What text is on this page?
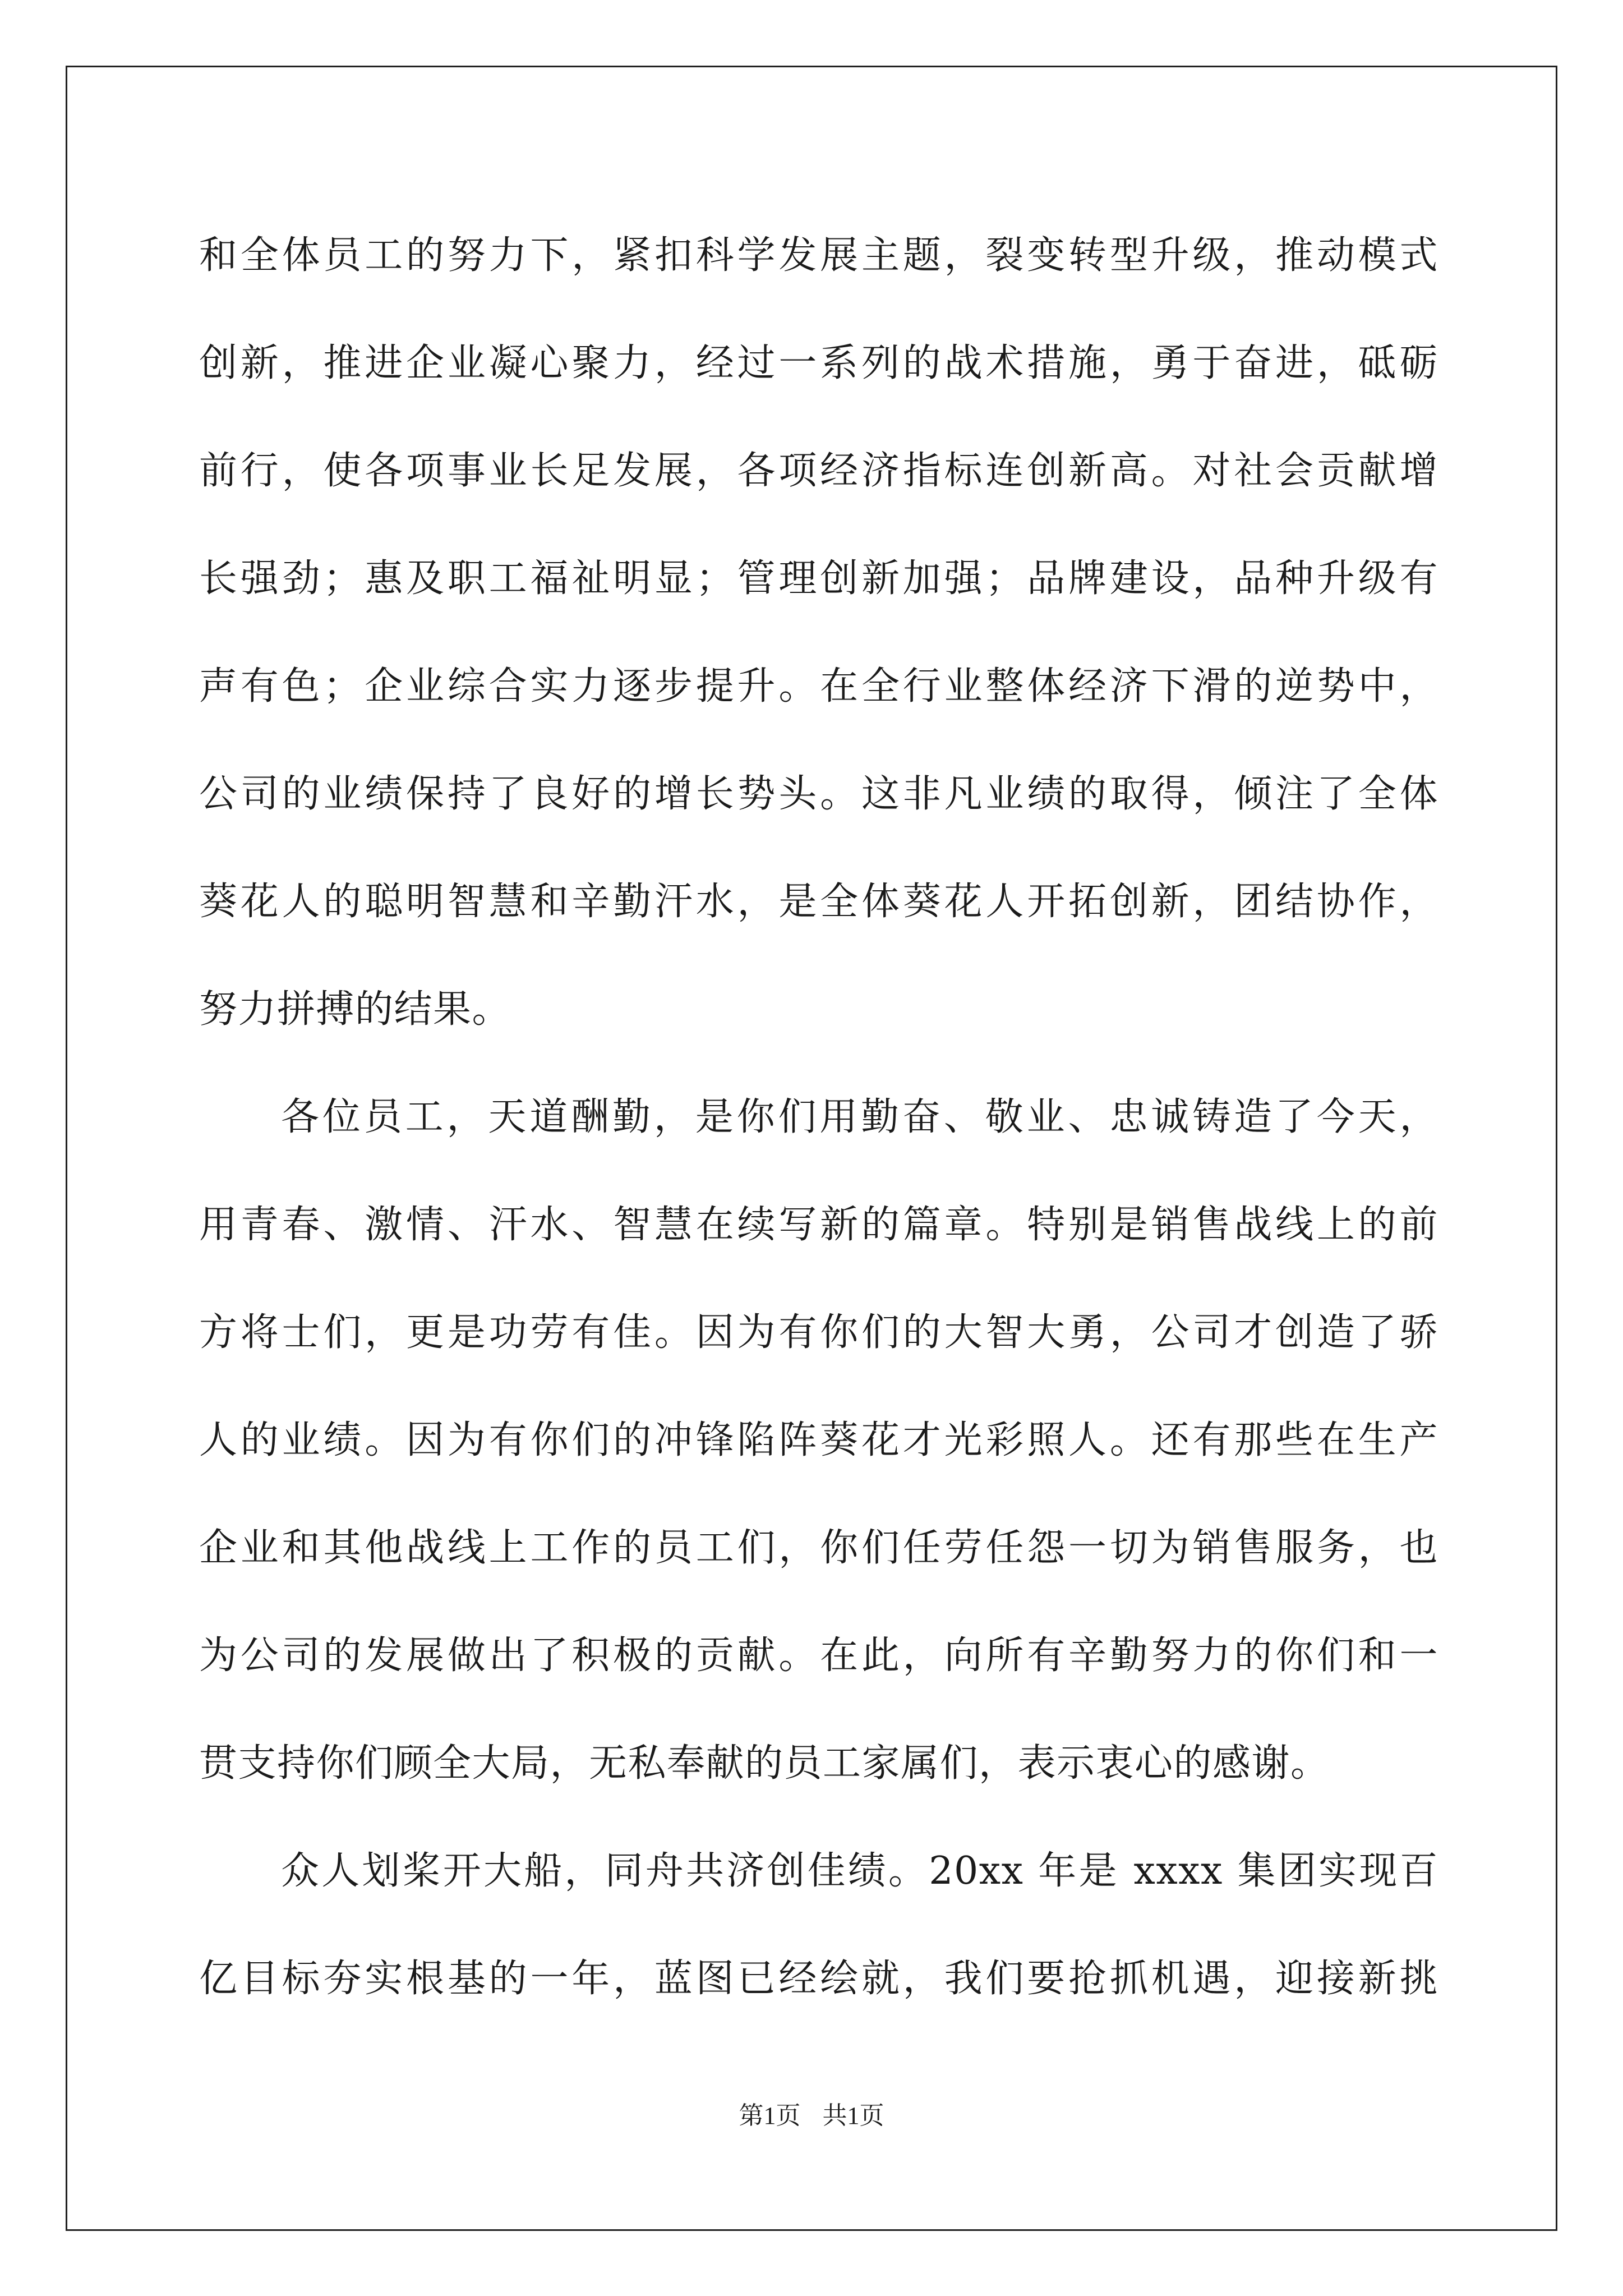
和全体员工的努力下，紧扣科学发展主题，裂变转型升级，推动模式
创新，推进企业凝心聚力，经过一系列的战术措施，勇于奋进，砥砺
前行，使各项事业长足发展，各项经济指标连创新高。对社会贡献增
长强劲；惠及职工福祉明显；管理创新加强；品牌建设，品种升级有
声有色；企业综合实力逐步提升。在全行业整体经济下滑的逆势中，
公司的业绩保持了良好的增长势头。这非凡业绩的取得，倾注了全体
葵花人的聪明智慧和辛勤汗水，是全体葵花人开拓创新，团结协作，
努力拼搏的结果。
各位员工，天道酬勤，是你们用勤奋、敬业、忠诚铸造了今天，
用青春、激情、汗水、智慧在续写新的篇章。特别是销售战线上的前
方将士们，更是功劳有佳。因为有你们的大智大勇，公司才创造了骄
人的业绩。因为有你们的冲锋陷阵葵花才光彩照人。还有那些在生产
企业和其他战线上工作的员工们，你们任劳任怨一切为销售服务，也
为公司的发展做出了积极的贡献。在此，向所有辛勤努力的你们和一
贯支持你们顾全大局，无私奉献的员工家属们，表示衷心的感谢。
众人划桨开大船，同舟共济创佳绩。20xx 年是 xxxx 集团实现百
亿目标夯实根基的一年，蓝图已经绘就，我们要抢抓机遇，迎接新挑
第1页 共1页
